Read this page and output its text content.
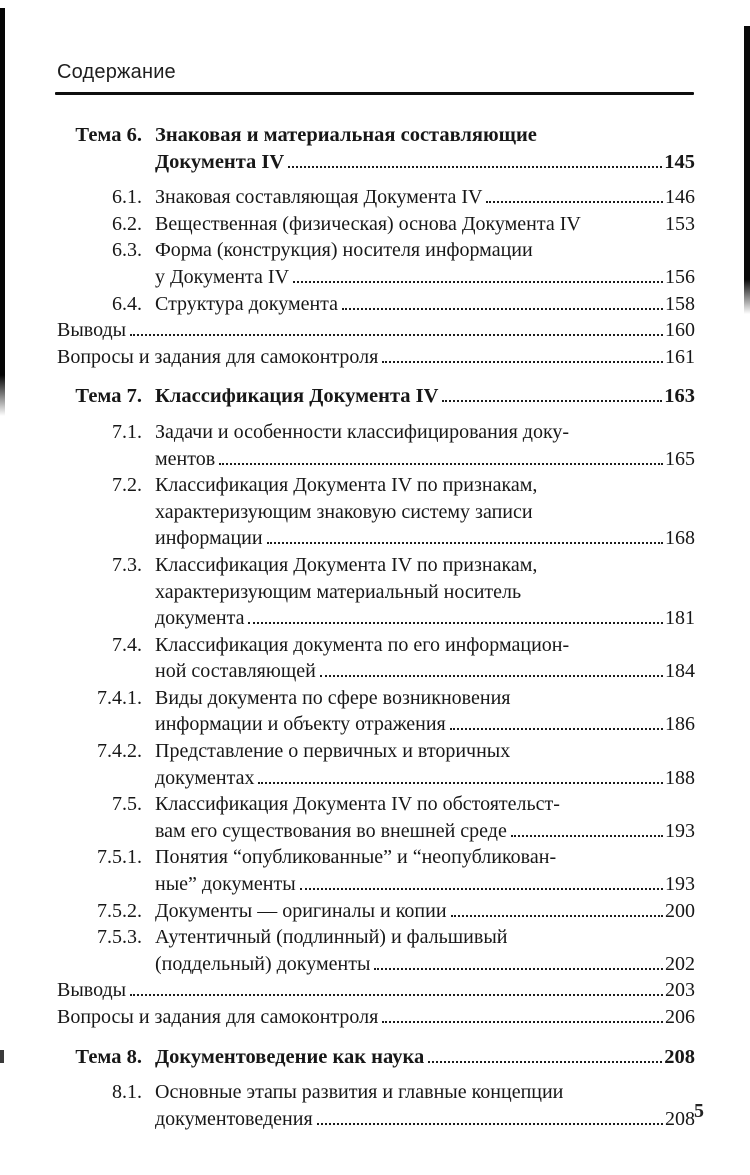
Содержание
Тема 6. Знаковая и материальная составляющие
Документа IV	145
6.1. Знаковая составляющая Документа IV	146
6.2. Вещественная (физическая) основа Документа IV	153
6.3. Форма (конструкция) носителя информации
у Документа IV	156
6.4. Структура документа	158
Выводы	160
Вопросы и задания для самоконтроля	161
Тема 7. Классификация Документа IV	163
7.1. Задачи и особенности классифицирования доку-
ментов	165
7.2. Классификация Документа IV по признакам,
характеризующим знаковую систему записи
информации	168
7.3. Классификация Документа IV по признакам,
характеризующим материальный носитель
документа	181
7.4. Классификация документа по его информацион-
ной составляющей	184
7.4.1. Виды документа по сфере возникновения
информации и объекту отражения	186
7.4.2. Представление о первичных и вторичных
документах	188
7.5. Классификация Документа IV по обстоятельст-
вам его существования во внешней среде	193
7.5.1. Понятия “опубликованные” и “неопубликован-
ные” документы	193
7.5.2. Документы — оригиналы и копии	200
7.5.3. Аутентичный (подлинный) и фальшивый
(поддельный) документы	202
Выводы	203
Вопросы и задания для самоконтроля	206
Тема 8. Документоведение как наука	208
8.1. Основные этапы развития и главные концепции
документоведения	208 5
